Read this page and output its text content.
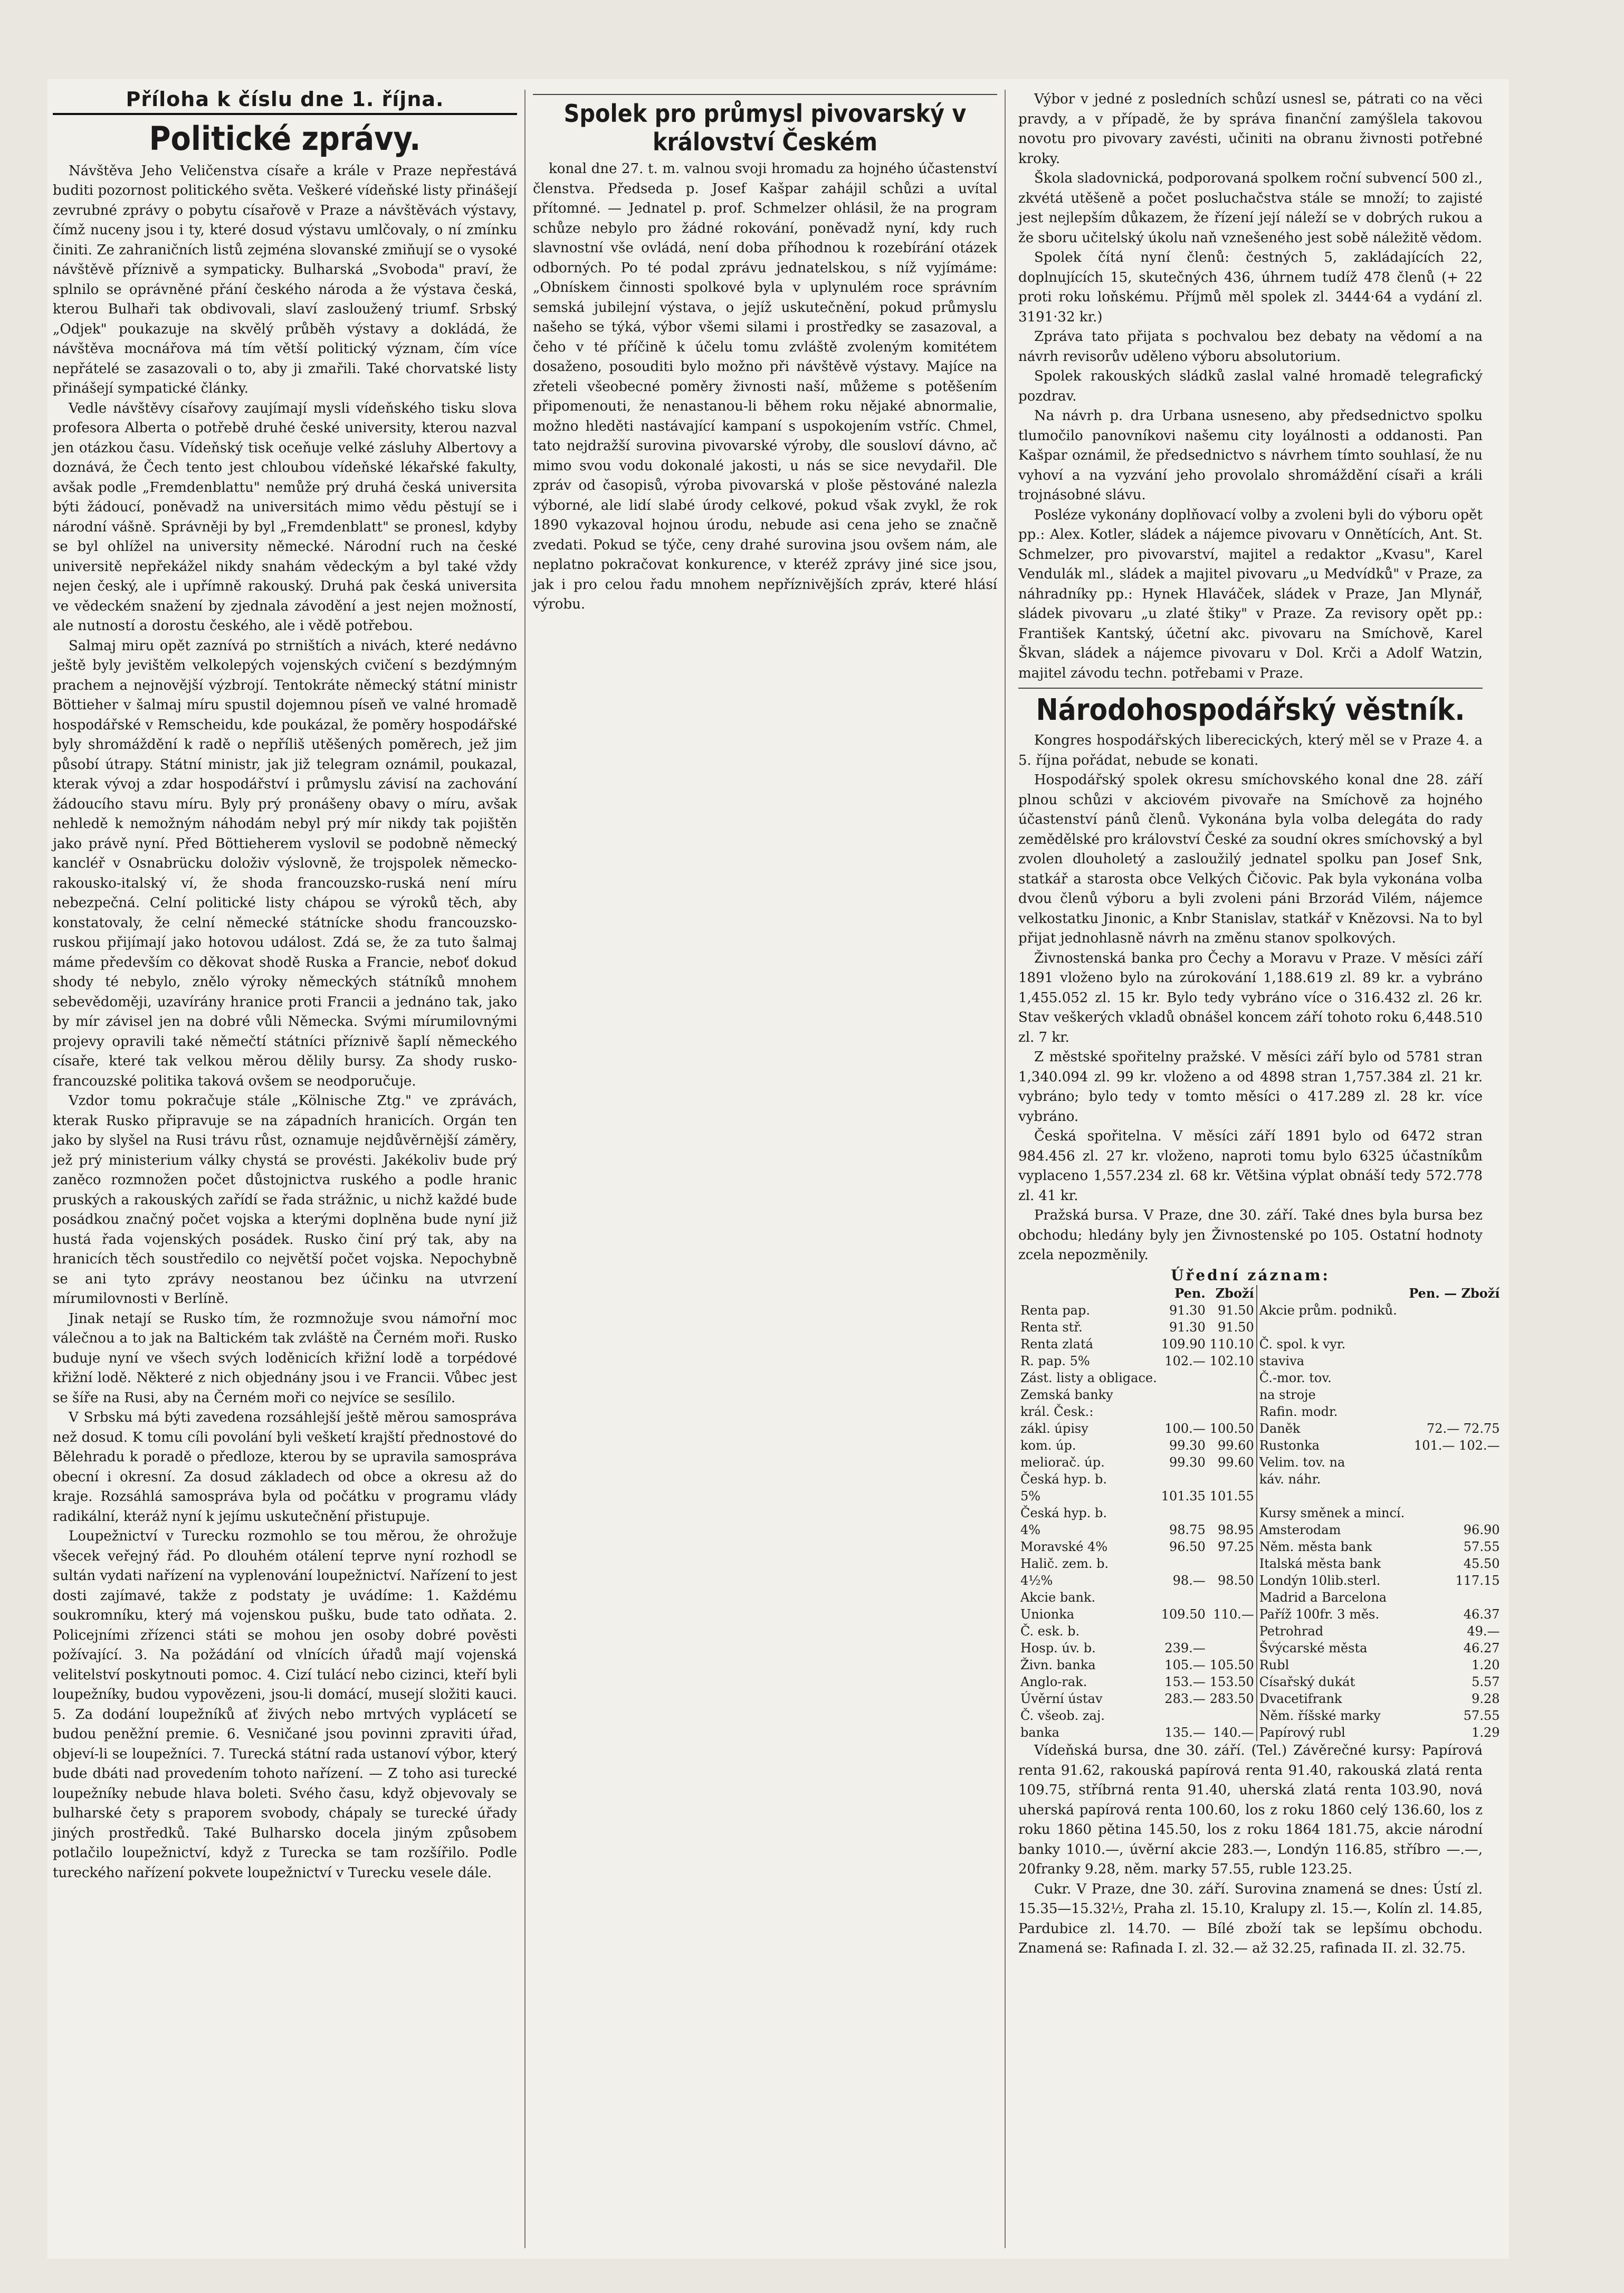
Příloha k číslu dne 1. října.
Politické zprávy.

Návštěva Jeho Veličenstva císaře a krále v Praze nepřestává buditi pozornost politického světa. Veškeré vídeňské listy přinášejí zevrubné zprávy o pobytu císařově v Praze a návštěvách výstavy, čímž nuceny jsou i ty, které dosud výstavu umlčovaly, o ní zmínku činiti. Ze zahraničních listů zejména slovanské zmiňují se o vysoké návštěvě příznivě a sympaticky. Bulharská „Svoboda" praví, že splnilo se oprávněné přání českého národa a že výstava česká, kterou Bulhaři tak obdivovali, slaví zasloužený triumf. Srbský „Odjek" poukazuje na skvělý průběh výstavy a dokládá, že návštěva mocnářova má tím větší politický význam, čím více nepřátelé se zasazovali o to, aby ji zmařili. Také chorvatské listy přinášejí sympatické články.

Vedle návštěvy císařovy zaujímají mysli vídeňského tisku slova profesora Alberta o potřebě druhé české university, kterou nazval jen otázkou času. Vídeňský tisk oceňuje velké zásluhy Albertovy a doznává, že Čech tento jest chloubou vídeňské lékařské fakulty, avšak podle „Fremdenblattu" nemůže prý druhá česká universita býti žádoucí, poněvadž na universitách mimo vědu pěstují se i národní vášně. Správněji by byl „Fremdenblatt" se pronesl, kdyby se byl ohlížel na university německé. Národní ruch na české universitě nepřekážel nikdy snahám vědeckým a byl také vždy nejen český, ale i upřímně rakouský. Druhá pak česká universita ve vědeckém snažení by zjednala závodění a jest nejen možností, ale nutností a dorostu českého, ale i vědě potřebou.

Salmaj miru opět zaznívá po strništích a nivách, které nedávno ještě byly jevištěm velkolepých vojenských cvičení s bezdýmným prachem a nejnovější výzbrojí. Tentokráte německý státní ministr Böttieher v šalmaj míru spustil dojemnou píseň ve valné hromadě hospodářské v Remscheidu, kde poukázal, že poměry hospodářské byly shromáždění k radě o nepříliš utěšených poměrech, jež jim působí útrapy. Státní ministr, jak již telegram oznámil, poukazal, kterak vývoj a zdar hospodářství i průmyslu závisí na zachování žádoucího stavu míru. Byly prý pronášeny obavy o míru, avšak nehledě k nemožným náhodám nebyl prý mír nikdy tak pojištěn jako právě nyní. Před Böttieherem vyslovil se podobně německý kancléř v Osnabrücku doloživ výslovně, že trojspolek německo-rakousko-italský ví, že shoda francouzsko-ruská není míru nebezpečná. Celní politické listy chápou se výroků těch, aby konstatovaly, že celní německé státnícke shodu francouzsko-ruskou přijímají jako hotovou událost. Zdá se, že za tuto šalmaj máme především co děkovat shodě Ruska a Francie, neboť dokud shody té nebylo, znělo výroky německých státníků mnohem sebevědoměji, uzavírány hranice proti Francii a jednáno tak, jako by mír závisel jen na dobré vůli Německa. Svými mírumilovnými projevy opravili také němečtí státníci příznivě šaplí německého císaře, které tak velkou měrou dělily bursy. Za shody rusko-francouzské politika taková ovšem se neodporučuje.

Vzdor tomu pokračuje stále „Kölnische Ztg." ve zprávách, kterak Rusko připravuje se na západních hranicích. Orgán ten jako by slyšel na Rusi trávu růst, oznamuje nejdůvěrnější záměry, jež prý ministerium války chystá se provésti. Jakékoliv bude prý zaněco rozmnožen počet důstojnictva ruského a podle hranic pruských a rakouských zařídí se řada strážnic, u nichž každé bude posádkou značný počet vojska a kterými doplněna bude nyní již hustá řada vojenských posádek. Rusko činí prý tak, aby na hranicích těch soustředilo co největší počet vojska. Nepochybně se ani tyto zprávy neostanou bez účinku na utvrzení mírumilovnosti v Berlíně.

Jinak netají se Rusko tím, že rozmnožuje svou námořní moc válečnou a to jak na Baltickém tak zvláště na Černém moři. Rusko buduje nyní ve všech svých loděnicích křižní lodě a torpédové křižní lodě. Některé z nich objednány jsou i ve Francii. Vůbec jest se šíře na Rusi, aby na Černém moři co nejvíce se sesílilo.

V Srbsku má býti zavedena rozsáhlejší ještě měrou samospráva než dosud. K tomu cíli povolání byli vešketí krajští přednostové do Bělehradu k poradě o předloze, kterou by se upravila samospráva obecní i okresní. Za dosud základech od obce a okresu až do kraje. Rozsáhlá samospráva byla od počátku v programu vlády radikální, kteráž nyní k jejímu uskutečnění přistupuje.

Loupežnictví v Turecku rozmohlo se tou měrou, že ohrožuje všecek veřejný řád. Po dlouhém otálení teprve nyní rozhodl se sultán vydati nařízení na vyplenování loupežnictví. Nařízení to jest dosti zajímavé, takže z podstaty je uvádíme: 1. Každému soukromníku, který má vojenskou pušku, bude tato odňata. 2. Policejními zřízenci státi se mohou jen osoby dobré pověsti požívající. 3. Na požádání od vlnících úřadů mají vojenská velitelství poskytnouti pomoc. 4. Cizí tulácí nebo cizinci, kteří byli loupežníky, budou vypovězeni, jsou-li domácí, musejí složiti kauci. 5. Za dodání loupežníků ať živých nebo mrtvých vyplácetí se budou peněžní premie. 6. Vesničané jsou povinni zpraviti úřad, objeví-li se loupežníci. 7. Turecká státní rada ustanoví výbor, který bude dbáti nad provedením tohoto nařízení. — Z toho asi turecké loupežníky nebude hlava boleti. Svého času, když objevovaly se bulharské čety s praporem svobody, chápaly se turecké úřady jiných prostředků. Také Bulharsko docela jiným způsobem potlačilo loupežnictví, když z Turecka se tam rozšířilo. Podle tureckého nařízení pokvete loupežnictví v Turecku vesele dále.

Spolek pro průmysl pivovarský v království Českém

konal dne 27. t. m. valnou svoji hromadu za hojného účastenství členstva. Předseda p. Josef Kašpar zahájil schůzi a uvítal přítomné. — Jednatel p. prof. Schmelzer ohlásil, že na program schůze nebylo pro žádné rokování, poněvadž nyní, kdy ruch slavnostní vše ovládá, není doba příhodnou k rozebírání otázek odborných. Po té podal zprávu jednatelskou, s níž vyjímáme: „Obnískem činnosti spolkové byla v uplynulém roce správním semská jubilejní výstava, o jejíž uskutečnění, pokud průmyslu našeho se týká, výbor všemi silami i prostředky se zasazoval, a čeho v té příčině k účelu tomu zvláště zvoleným komitétem dosaženo, posouditi bylo možno při návštěvě výstavy. Majíce na zřeteli všeobecné poměry živnosti naší, můžeme s potěšením připomenouti, že nenastanou-li během roku nějaké abnormalie, možno hleděti nastávající kampaní s uspokojením vstříc. Chmel, tato nejdražší surovina pivovarské výroby, dle sousloví dávno, ač mimo svou vodu dokonalé jakosti, u nás se sice nevydařil. Dle zpráv od časopisů, výroba pivovarská v ploše pěstováné nalezla výborné, ale lidí slabé úrody celkové, pokud však zvykl, že rok 1890 vykazoval hojnou úrodu, nebude asi cena jeho se značně zvedati. Pokud se týče, ceny drahé surovina jsou ovšem nám, ale neplatno pokračovat konkurence, v kteréž zprávy jiné sice jsou, jak i pro celou řadu mnohem nepříznivějších zpráv, které hlásí výrobu.

Výbor v jedné z posledních schůzí usnesl se, pátrati co na věci pravdy, a v případě, že by správa finanční zamýšlela takovou novotu pro pivovary zavésti, učiniti na obranu živnosti potřebné kroky.

Škola sladovnická, podporovaná spolkem roční subvencí 500 zl., zkvétá utěšeně a počet posluchačstva stále se množí; to zajisté jest nejlepším důkazem, že řízení její náleží se v dobrých rukou a že sboru učitelský úkolu naň vznešeného jest sobě náležitě vědom.

Spolek čítá nyní členů: čestných 5, zakládajících 22, doplnujících 15, skutečných 436, úhrnem tudíž 478 členů (+ 22 proti roku loňskému. Příjmů měl spolek zl. 3444·64 a vydání zl. 3191·32 kr.)

Zpráva tato přijata s pochvalou bez debaty na vědomí a na návrh revisorův uděleno výboru absolutorium.

Spolek rakouských sládků zaslal valné hromadě telegrafický pozdrav.

Na návrh p. dra Urbana usneseno, aby předsednictvo spolku tlumočilo panovníkovi našemu city loyálnosti a oddanosti. Pan Kašpar oznámil, že předsednictvo s návrhem tímto souhlasí, že nu vyhoví a na vyzvání jeho provolalo shromáždění císaři a králi trojnásobné slávu.

Posléze vykonány doplňovací volby a zvoleni byli do výboru opět pp.: Alex. Kotler, sládek a nájemce pivovaru v Onnětících, Ant. St. Schmelzer, pro pivovarství, majitel a redaktor „Kvasu", Karel Vendulák ml., sládek a majitel pivovaru „u Medvídků" v Praze, za náhradníky pp.: Hynek Hlaváček, sládek v Praze, Jan Mlynář, sládek pivovaru „u zlaté štiky" v Praze. Za revisory opět pp.: František Kantský, účetní akc. pivovaru na Smíchově, Karel Škvan, sládek a nájemce pivovaru v Dol. Krči a Adolf Watzin, majitel závodu techn. potřebami v Praze.

Národohospodářský věstník.

Kongres hospodářských liberecických, který měl se v Praze 4. a 5. října pořádat, nebude se konati.

Hospodářský spolek okresu smíchovského konal dne 28. září plnou schůzi v akciovém pivovaře na Smíchově za hojného účastenství pánů členů. Vykonána byla volba delegáta do rady zemědělské pro království České za soudní okres smíchovský a byl zvolen dlouholetý a zasloužilý jednatel spolku pan Josef Snk, statkář a starosta obce Velkých Čičovic. Pak byla vykonána volba dvou členů výboru a byli zvoleni páni Brzorád Vilém, nájemce velkostatku Jinonic, a Knbr Stanislav, statkář v Knězovsi. Na to byl přijat jednohlasně návrh na změnu stanov spolkových.

Živnostenská banka pro Čechy a Moravu v Praze. V měsíci září 1891 vloženo bylo na zúrokování 1,188.619 zl. 89 kr. a vybráno 1,455.052 zl. 15 kr. Bylo tedy vybráno více o 316.432 zl. 26 kr. Stav veškerých vkladů obnášel koncem září tohoto roku 6,448.510 zl. 7 kr.

Z městské spořitelny pražské. V měsíci září bylo od 5781 stran 1,340.094 zl. 99 kr. vloženo a od 4898 stran 1,757.384 zl. 21 kr. vybráno; bylo tedy v tomto měsíci o 417.289 zl. 28 kr. více vybráno.

Česká spořitelna. V měsíci září 1891 bylo od 6472 stran 984.456 zl. 27 kr. vloženo, naproti tomu bylo 6325 účastníkům vyplaceno 1,557.234 zl. 68 kr. Většina výplat obnáší tedy 572.778 zl. 41 kr.

Pražská bursa. V Praze, dne 30. září. Také dnes byla bursa bez obchodu; hledány byly jen Živnostenské po 105. Ostatní hodnoty zcela nepozměnily.

Úřední záznam:
	Pen.	Zboží		Pen. — Zboží
Renta pap.	91.30	91.50	Akcie prům. podniků.	
Renta stř.	91.30	91.50		
Renta zlatá	109.90	110.10	Č. spol. k vyr.	
R. pap. 5%	102.—	102.10	stavivа	
Zást. listy a obligace.			Č.-mor. tov.	
Zemská banky			na stroje	
král. Česk.:			Rafin. modr.	
zákl. úpisy	100.—	100.50	Daněk	72.— 72.75
kom. úp.	99.30	99.60	Rustonka	101.— 102.—
meliorač. úp.	99.30	99.60	Velim. tov. na	
Česká hyp. b.			káv. náhr.	
5%	101.35	101.55		
Česká hyp. b.			Kursy směnek a mincí.	
4%	98.75	98.95	Amsterodam	96.90
Moravské 4%	96.50	97.25	Něm. města bank	57.55
Halič. zem. b.			Italská města bank	45.50
4½%	98.—	98.50	Londýn 10lib.sterl.	117.15
Akcie bank.			Madrid a Barcelona	
Unionka	109.50	110.—	Paříž 100fr. 3 měs.	46.37
Č. esk. b.			Petrohrad	49.—
Hosp. úv. b.	239.—		Švýcarské města	46.27
Živn. banka	105.—	105.50	Rubl	1.20
Anglo-rak.	153.—	153.50	Císařský dukát	5.57
Úvěrní ústav	283.—	283.50	Dvacetifrank	9.28
Č. všeob. zaj.			Něm. říšské marky	57.55
banka	135.—	140.—	Papírový rubl	1.29

Vídeňská bursa, dne 30. září. (Tel.) Závěrečné kursy: Papírová renta 91.62, rakouská papírová renta 91.40, rakouská zlatá renta 109.75, stříbrná renta 91.40, uherská zlatá renta 103.90, nová uherská papírová renta 100.60, los z roku 1860 celý 136.60, los z roku 1860 pětina 145.50, los z roku 1864 181.75, akcie národní banky 1010.—, úvěrní akcie 283.—, Londýn 116.85, stříbro —.—, 20franky 9.28, něm. marky 57.55, ruble 123.25.

Cukr. V Praze, dne 30. září. Surovina znamená se dnes: Ústí zl. 15.35—15.32½, Praha zl. 15.10, Kralupy zl. 15.—, Kolín zl. 14.85, Pardubice zl. 14.70. — Bílé zboží tak se lepšímu obchodu. Znamená se: Rafinada I. zl. 32.— až 32.25, rafinada II. zl. 32.75.
